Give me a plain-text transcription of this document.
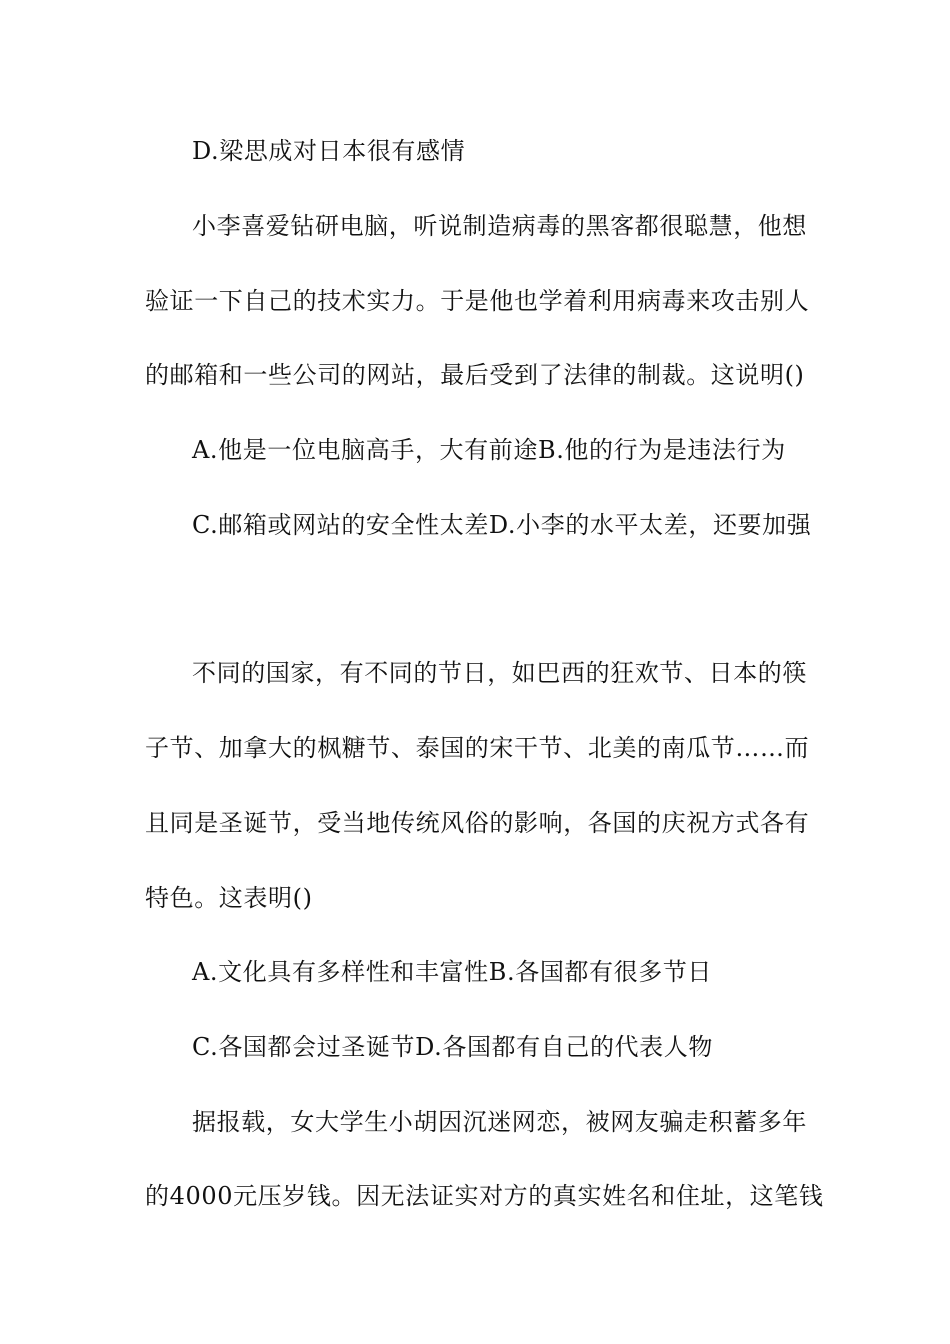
D.梁思成对日本很有感情
小李喜爱钻研电脑，听说制造病毒的黑客都很聪慧，他想
验证一下自己的技术实力。于是他也学着利用病毒来攻击别人
的邮箱和一些公司的网站，最后受到了法律的制裁。这说明()
A.他是一位电脑高手，大有前途B.他的行为是违法行为
C.邮箱或网站的安全性太差D.小李的水平太差，还要加强
不同的国家，有不同的节日，如巴西的狂欢节、日本的筷
子节、加拿大的枫糖节、泰国的宋干节、北美的南瓜节……而
且同是圣诞节，受当地传统风俗的影响，各国的庆祝方式各有
特色。这表明()
A.文化具有多样性和丰富性B.各国都有很多节日
C.各国都会过圣诞节D.各国都有自己的代表人物
据报载，女大学生小胡因沉迷网恋，被网友骗走积蓄多年
的4000元压岁钱。因无法证实对方的真实姓名和住址，这笔钱
